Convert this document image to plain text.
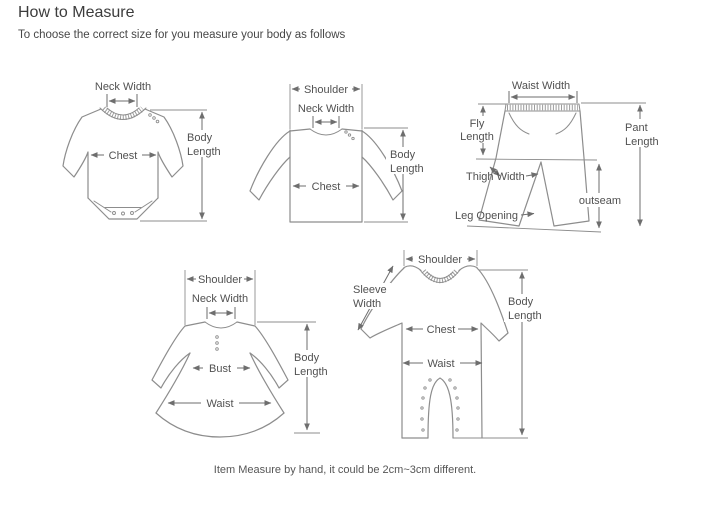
How to Measure

To choose the correct size for you measure your body as follows

Neck Width
Body
Length
Chest
Shoulder
Neck Width
Body
Length
Chest
Waist Width
Fly
Length
Pant
Length
Thigh Width
outseam
Leg Opening
Shoulder
Neck Width
Bust
Waist
Body
Length
Shoulder
Sleeve
Width
Chest
Waist
Body
Length

Item Measure by hand, it could be 2cm~3cm different.
